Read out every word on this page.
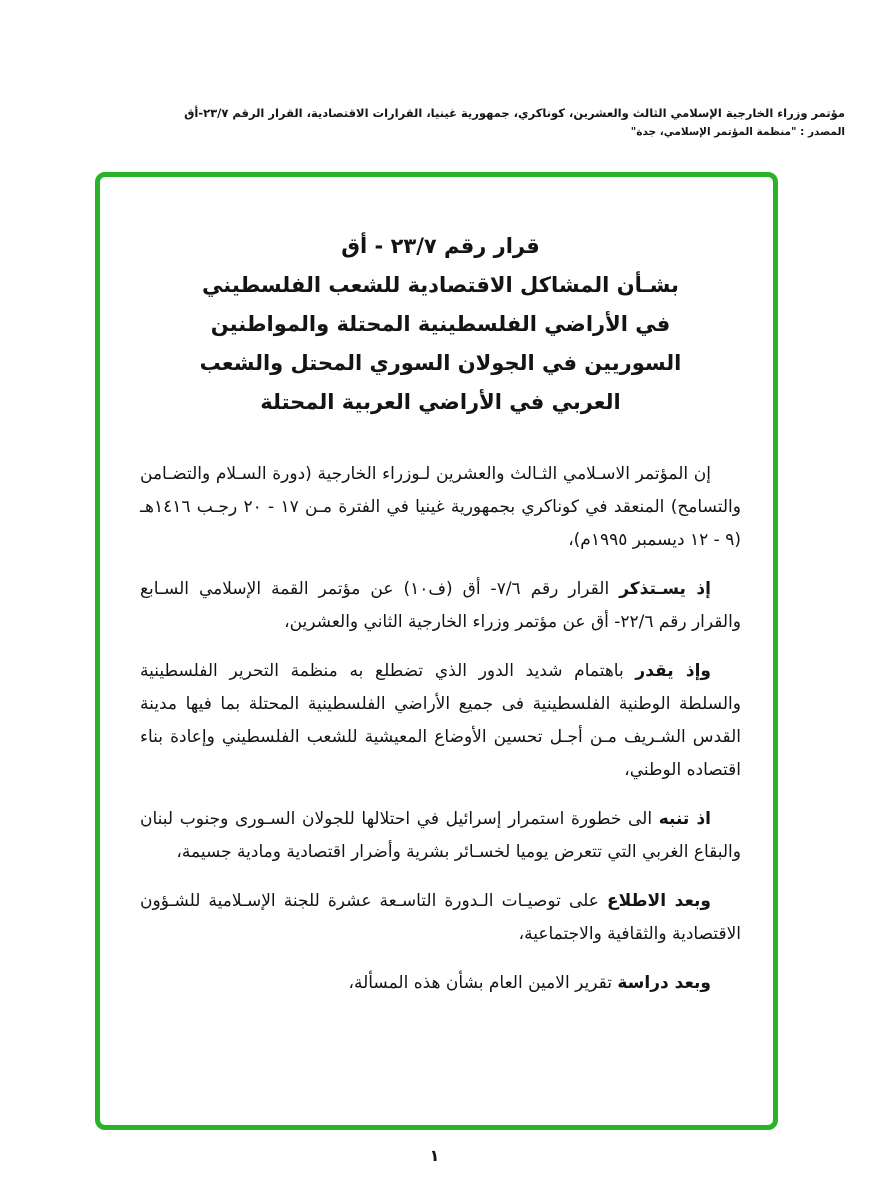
مؤتمر وزراء الخارجية الإسلامي الثالث والعشرين، كوناكري، جمهورية غينيا، القرارات الاقتصادية، القرار الرقم ٢٣/٧-أق
المصدر : "منظمة المؤتمر الإسلامي، جدة"
قرار رقم ٢٣/٧ - أق
بشـأن المشاكل الاقتصادية للشعب الفلسطيني
في الأراضي الفلسطينية المحتلة والمواطنين
السوريين في الجولان السوري المحتل والشعب
العربي في الأراضي العربية المحتلة

إن المؤتمر الاسـلامي الثـالث والعشرين لـوزراء الخارجية (دورة السـلام والتضـامن والتسامح) المنعقد في كوناكري بجمهورية غينيا في الفترة مـن ١٧ - ٢٠ رجـب ١٤١٦هـ (٩ - ١٢ ديسمبر ١٩٩٥م)،

إذ يسـتذكر القرار رقم ٧/٦- أق (ف١٠) عن مؤتمر القمة الإسلامي السـابع والقرار رقم ٢٢/٦- أق عن مؤتمر وزراء الخارجية الثاني والعشرين،

وإذ يقدر باهتمام شديد الدور الذي تضطلع به منظمة التحرير الفلسطينية والسلطة الوطنية الفلسطينية فى جميع الأراضي الفلسطينية المحتلة بما فيها مدينة القدس الشـريف مـن أجـل تحسين الأوضاع المعيشية للشعب الفلسطيني وإعادة بناء اقتصاده الوطني،

اذ تنبه الى خطورة استمرار إسرائيل في احتلالها للجولان السـورى وجنوب لبنان والبقاع الغربي التي تتعرض يوميا لخسـائر بشرية وأضرار اقتصادية ومادية جسيمة،

وبعد الاطلاع على توصيـات الـدورة التاسـعة عشرة للجنة الإسـلامية للشـؤون الاقتصادية والثقافية والاجتماعية،

وبعد دراسة تقرير الامين العام بشأن هذه المسألة،

١
